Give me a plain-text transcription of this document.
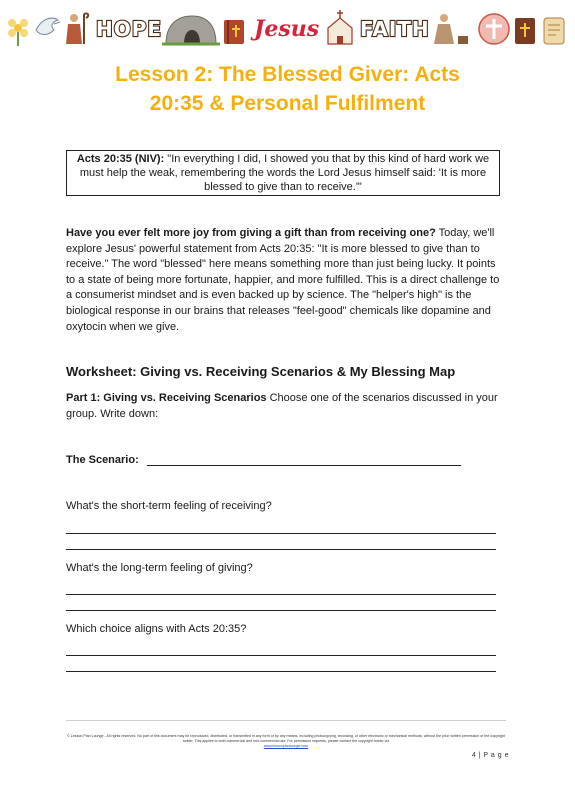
HOPE	Jesus FAITH
Lesson 2: The Blessed Giver: Acts
20:35 & Personal Fulfilment
Acts 20:35 (NIV): "In everything I did, I showed you that by this kind of hard work we
must help the weak, remembering the words the Lord Jesus himself said: 'It is more
blessed to give than to receive.'"

Have you ever felt more joy from giving a gift than from receiving one? Today, we'll explore Jesus' powerful statement from Acts 20:35: "It is more blessed to give than to receive." The word "blessed" here means something more than just being lucky. It points to a state of being more fortunate, happier, and more fulfilled. This is a direct challenge to a consumerist mindset and is even backed up by science. The "helper's high" is the biological response in our brains that releases "feel-good" chemicals like dopamine and oxytocin when we give.

Worksheet: Giving vs. Receiving Scenarios & My Blessing Map

Part 1: Giving vs. Receiving Scenarios Choose one of the scenarios discussed in your group. Write down:

The Scenario:
What's the short-term feeling of receiving?
What's the long-term feeling of giving?
Which choice aligns with Acts 20:35?

© Lesson Plan Lounge - All rights reserved. No part of this document may be reproduced, distributed, or transmitted in any form or by any means, including photocopying, recording, or other electronic or mechanical methods, without the prior written permission of the copyright holder. This applies to both commercial and non-commercial use. For permission requests, please contact the copyright holder via
www.lessonplanlounge.com

4 | P a g e
